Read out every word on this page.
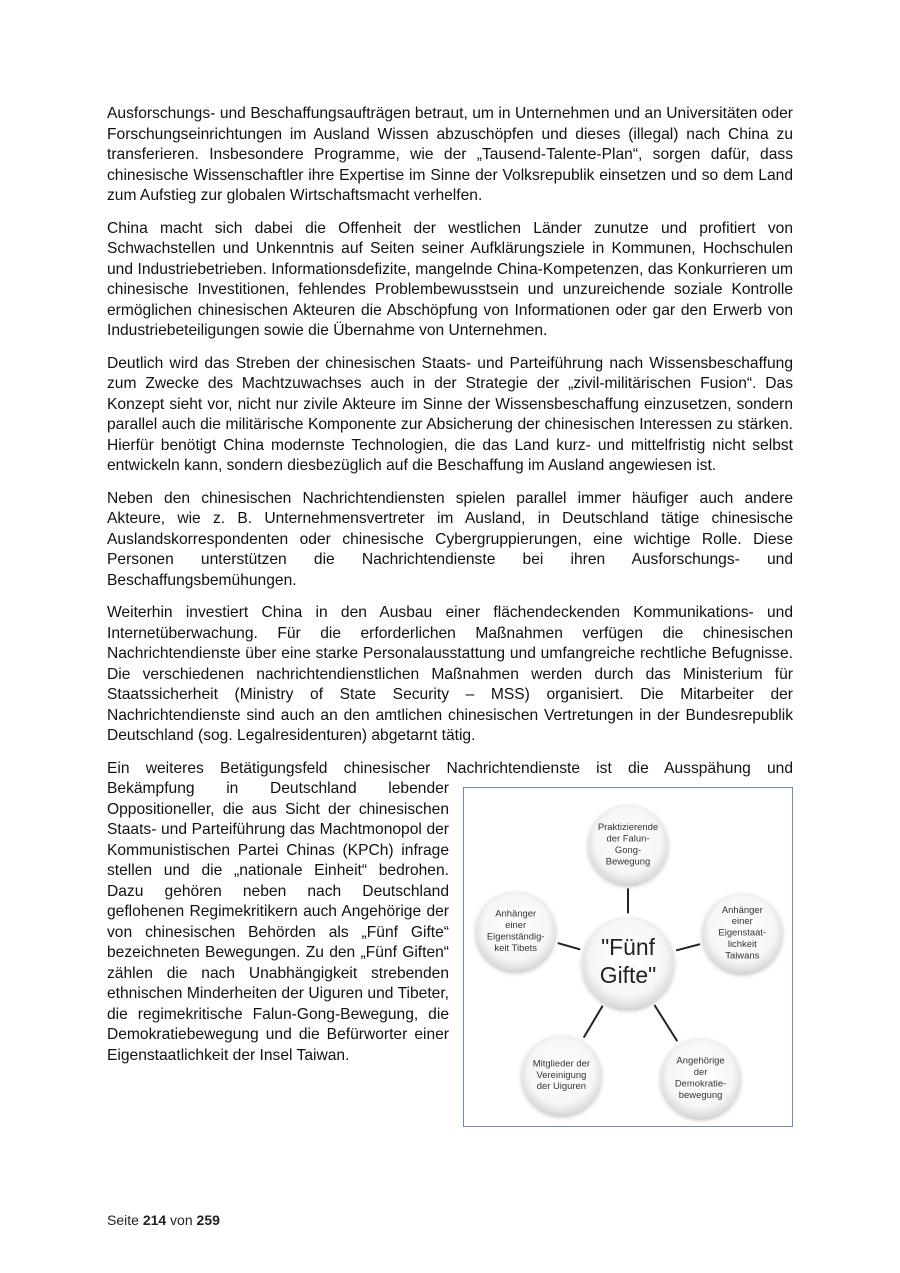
Ausforschungs- und Beschaffungsaufträgen betraut, um in Unternehmen und an Universitäten oder Forschungseinrichtungen im Ausland Wissen abzuschöpfen und dieses (illegal) nach China zu transferieren. Insbesondere Programme, wie der „Tausend-Talente-Plan“, sorgen dafür, dass chinesische Wissenschaftler ihre Expertise im Sinne der Volksrepublik einsetzen und so dem Land zum Aufstieg zur globalen Wirtschaftsmacht verhelfen.

China macht sich dabei die Offenheit der westlichen Länder zunutze und profitiert von Schwachstellen und Unkenntnis auf Seiten seiner Aufklärungsziele in Kommunen, Hochschulen und Industriebetrieben. Informationsdefizite, mangelnde China-Kompetenzen, das Konkurrieren um chinesische Investitionen, fehlendes Problembewusstsein und unzureichende soziale Kontrolle ermöglichen chinesischen Akteuren die Abschöpfung von Informationen oder gar den Erwerb von Industriebeteiligungen sowie die Übernahme von Unternehmen.

Deutlich wird das Streben der chinesischen Staats- und Parteiführung nach Wissensbeschaffung zum Zwecke des Machtzuwachses auch in der Strategie der „zivil-militärischen Fusion“. Das Konzept sieht vor, nicht nur zivile Akteure im Sinne der Wissensbeschaffung einzusetzen, sondern parallel auch die militärische Komponente zur Absicherung der chinesischen Interessen zu stärken. Hierfür benötigt China modernste Technologien, die das Land kurz- und mittelfristig nicht selbst entwickeln kann, sondern diesbezüglich auf die Beschaffung im Ausland angewiesen ist.

Neben den chinesischen Nachrichtendiensten spielen parallel immer häufiger auch andere Akteure, wie z. B. Unternehmensvertreter im Ausland, in Deutschland tätige chinesische Auslandskorrespondenten oder chinesische Cybergruppierungen, eine wichtige Rolle. Diese Personen unterstützen die Nachrichtendienste bei ihren Ausforschungs- und Beschaffungsbemühungen.

Weiterhin investiert China in den Ausbau einer flächendeckenden Kommunikations- und Internetüberwachung. Für die erforderlichen Maßnahmen verfügen die chinesischen Nachrichtendienste über eine starke Personalausstattung und umfangreiche rechtliche Befugnisse. Die verschiedenen nachrichtendienstlichen Maßnahmen werden durch das Ministerium für Staatssicherheit (Ministry of State Security – MSS) organisiert. Die Mitarbeiter der Nachrichtendienste sind auch an den amtlichen chinesischen Vertretungen in der Bundesrepublik Deutschland (sog. Legalresidenturen) abgetarnt tätig.

Ein weiteres Betätigungsfeld chinesischer Nachrichtendienste ist die Ausspähung und

"Fünf
Gifte"
Praktizierende
der Falun-
Gong-
Bewegung
Anhänger
einer
Eigenstaat-
lichkeit
Taiwans
Angehörige
der
Demokratie-
bewegung
Mitglieder der
Vereinigung
der Uiguren
Anhänger
einer
Eigenständig-
keit Tibets

Bekämpfung in Deutschland lebender Oppositioneller, die aus Sicht der chinesischen Staats- und Parteiführung das Machtmonopol der Kommunistischen Partei Chinas (KPCh) infrage stellen und die „nationale Einheit“ bedrohen. Dazu gehören neben nach Deutschland geflohenen Regimekritikern auch Angehörige der von chinesischen Behörden als „Fünf Gifte“ bezeichneten Bewegungen. Zu den „Fünf Giften“ zählen die nach Unabhängigkeit strebenden ethnischen Minderheiten der Uiguren und Tibeter, die regimekritische Falun-Gong-Bewegung, die Demokratiebewegung und die Befürworter einer Eigenstaatlichkeit der Insel Taiwan.

Seite 214 von 259
